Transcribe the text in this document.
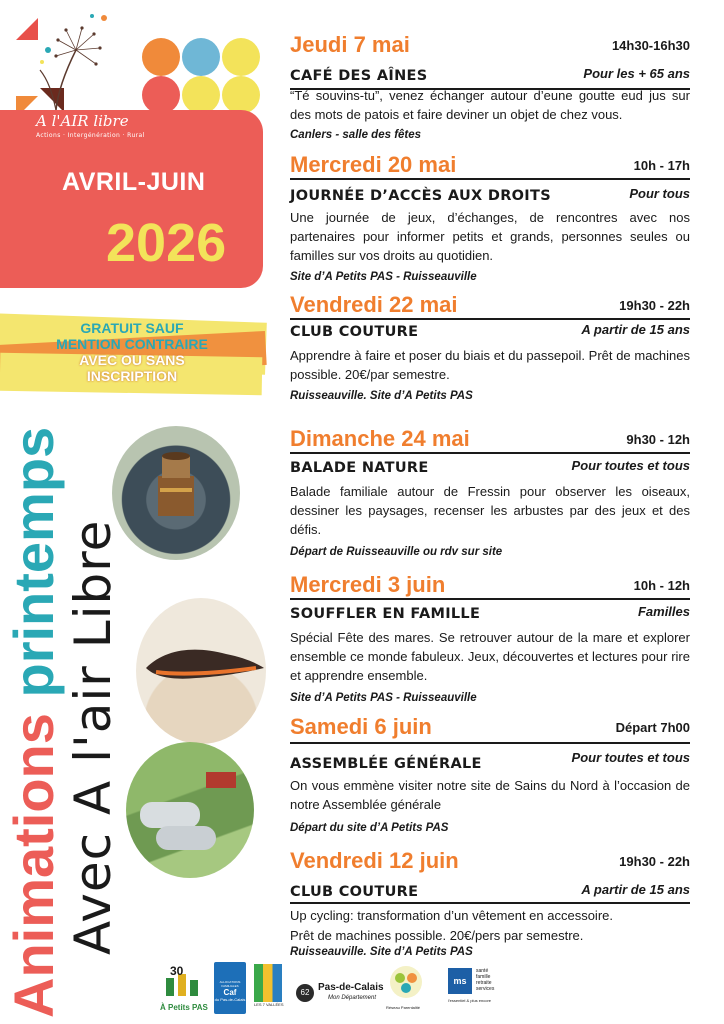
A l'AIR libre
Actions · Intergénération · Rural
AVRIL-JUIN
2026
GRATUIT SAUF
MENTION CONTRAIRE
AVEC OU SANS
INSCRIPTION
Animations printemps Avec A l'air Libre
Jeudi 7 mai	14h30-16h30
Pour les + 65 ans
CAFÉ DES AÎNES
“Té souvins-tu”, venez échanger autour d’eune goutte eud jus sur des mots de patois et faire deviner un objet de chez vous.
Canlers - salle des fêtes
Mercredi 20 mai	10h - 17h
Pour tous
JOURNÉE D’ACCÈS AUX DROITS
Une journée de jeux, d’échanges, de rencontres avec nos partenaires pour informer petits et grands, personnes seules ou familles sur vos droits au quotidien.
Site d’A Petits PAS - Ruisseauville
Vendredi 22 mai	19h30 - 22h
A partir de 15 ans
CLUB COUTURE
Apprendre à faire et poser du biais et du passepoil. Prêt de machines possible. 20€/par semestre.
Ruisseauville. Site d’A Petits PAS
Dimanche 24 mai	9h30 - 12h
Pour toutes et tous
BALADE NATURE
Balade familiale autour de Fressin pour observer les oiseaux, dessiner les paysages, recenser les arbustes par des jeux et des défis.
Départ de Ruisseauville ou rdv sur site
Mercredi 3 juin	10h - 12h
Familles
SOUFFLER EN FAMILLE
Spécial Fête des mares. Se retrouver autour de la mare et explorer ensemble ce monde fabuleux. Jeux, découvertes et lectures pour rire et apprendre ensemble.
Site d’A Petits PAS - Ruisseauville
Samedi 6 juin	Départ 7h00
Pour toutes et tous
ASSEMBLÉE GÉNÉRALE
On vous emmène visiter notre site de Sains du Nord à l’occasion de notre Assemblée générale
Départ du site d’A Petits PAS
Vendredi 12 juin	19h30 - 22h
A partir de 15 ans
CLUB COUTURE
Up cycling: transformation d’un vêtement en accessoire.
Prêt de machines possible. 20€/pers par semestre.
Ruisseauville. Site d’A Petits PAS
30
À Petits PAS
ALLOCATIONS FAMILIALES
Caf
du Pas-de-Calais
LES 7 VALLÉES
62 Pas-de-Calais
Mon Département
Réseau Parentalité
ms
santé
famille
retraite
services
l'essentiel & plus encore
